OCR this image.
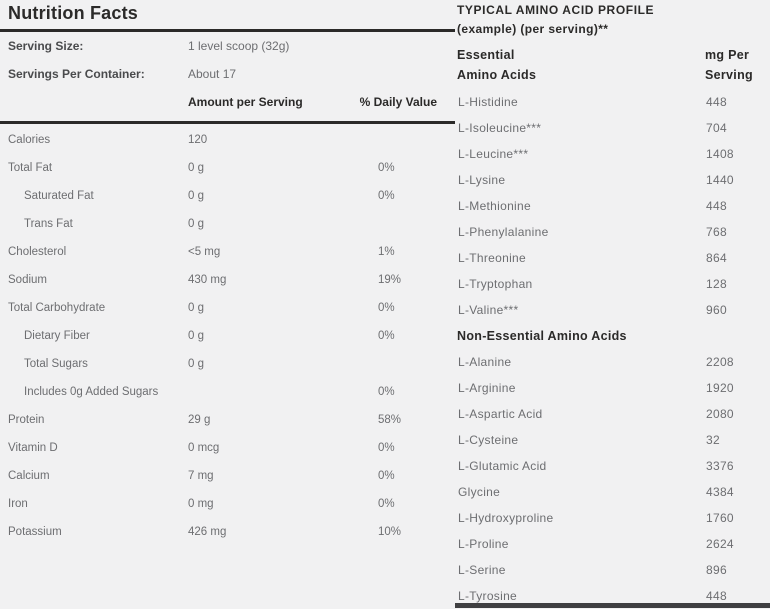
Nutrition Facts
Serving Size:	1 level scoop (32g)
Servings Per Container:	About 17
Amount per Serving	% Daily Value
Calories	120
Total Fat	0 g	0%
Saturated Fat	0 g	0%
Trans Fat	0 g
Cholesterol	<5 mg	1%
Sodium	430 mg	19%
Total Carbohydrate	0 g	0%
Dietary Fiber	0 g	0%
Total Sugars	0 g
Includes 0g Added Sugars	0%
Protein	29 g	58%
Vitamin D	0 mcg	0%
Calcium	7 mg	0%
Iron	0 mg	0%
Potassium	426 mg	10%
TYPICAL AMINO ACID PROFILE
(example) (per serving)**
Essential
Amino Acids
mg Per
Serving
L-Histidine	448
L-Isoleucine***	704
L-Leucine***	1408
L-Lysine	1440
L-Methionine	448
L-Phenylalanine	768
L-Threonine	864
L-Tryptophan	128
L-Valine***	960
Non-Essential Amino Acids
L-Alanine	2208
L-Arginine	1920
L-Aspartic Acid	2080
L-Cysteine	32
L-Glutamic Acid	3376
Glycine	4384
L-Hydroxyproline	1760
L-Proline	2624
L-Serine	896
L-Tyrosine	448
